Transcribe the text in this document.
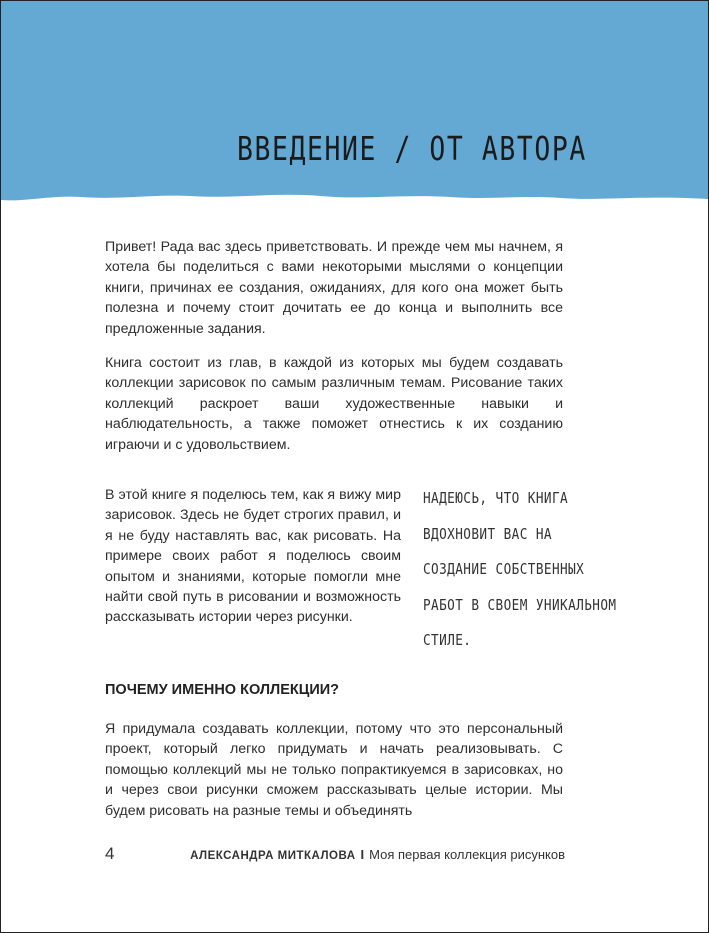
ВВЕДЕНИЕ / ОТ АВТОРА

Привет! Рада вас здесь приветствовать. И прежде чем мы начнем, я хотела бы поделиться с вами некоторыми мыслями о концепции книги, причинах ее создания, ожиданиях, для кого она может быть полезна и почему стоит дочитать ее до конца и выполнить все предложенные задания.

Книга состоит из глав, в каждой из которых мы будем создавать коллекции зарисовок по самым различным темам. Рисование таких коллекций раскроет ваши художественные навыки и наблюдательность, а также поможет отнестись к их созданию играючи и с удовольствием.

В этой книге я поделюсь тем, как я вижу мир зарисовок. Здесь не будет строгих правил, и я не буду наставлять вас, как рисовать. На примере своих работ я поделюсь своим опытом и знаниями, которые помогли мне найти свой путь в рисовании и возможность рассказывать истории через рисунки.

НАДЕЮСЬ, ЧТО КНИГА
ВДОХНОВИТ ВАС НА
СОЗДАНИЕ СОБСТВЕННЫХ
РАБОТ В СВОЕМ УНИКАЛЬНОМ
СТИЛЕ.
ПОЧЕМУ ИМЕННО КОЛЛЕКЦИИ?

Я придумала создавать коллекции, потому что это персональный проект, который легко придумать и начать реализовывать. С помощью коллекций мы не только попрактикуемся в зарисовках, но и через свои рисунки сможем рассказывать целые истории. Мы будем рисовать на разные темы и объединять

4	АЛЕКСАНДРА МИТКАЛОВА I Моя первая коллекция рисунков
